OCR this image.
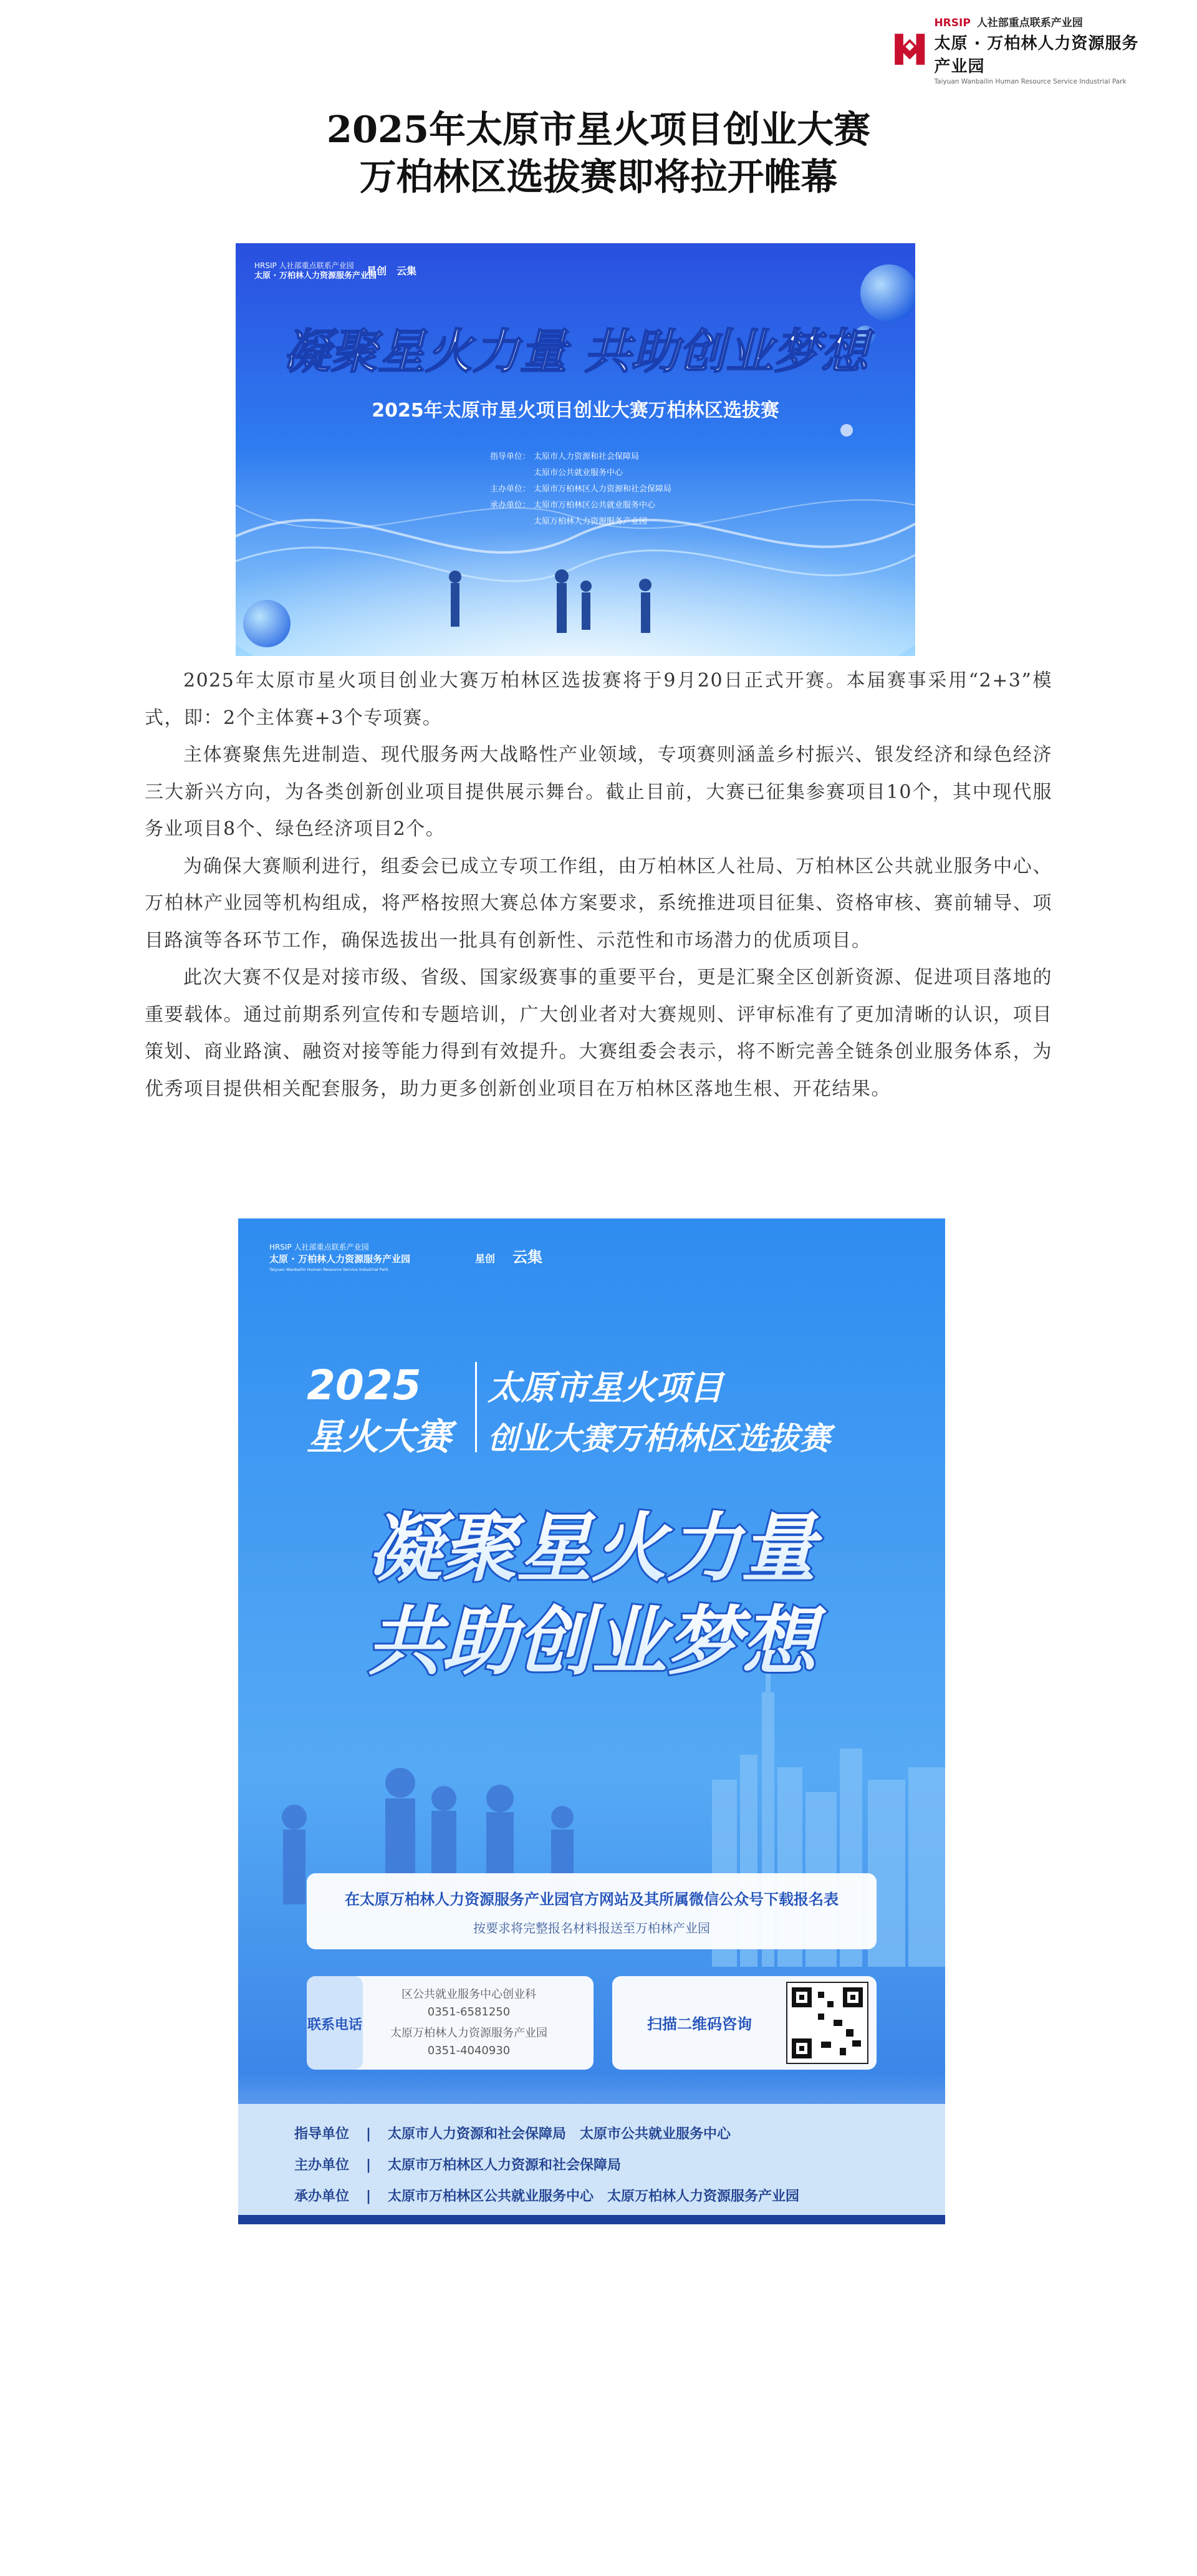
HRSIP 人社部重点联系产业园
太原 · 万柏林人力资源服务产业园
Taiyuan Wanbailin Human Resource Service Industrial Park
2025年太原市星火项目创业大赛
万柏林区选拔赛即将拉开帷幕
HRSIP 人社部重点联系产业园
太原 · 万柏林人力资源服务产业园
星创 云集
凝聚星火力量 共助创业梦想
2025年太原市星火项目创业大赛万柏林区选拔赛
指导单位： 太原市人力资源和社会保障局
太原市公共就业服务中心
主办单位： 太原市万柏林区人力资源和社会保障局
承办单位： 太原市万柏林区公共就业服务中心
太原万柏林人力资源服务产业园

2025年太原市星火项目创业大赛万柏林区选拔赛将于9月20日正式开赛。本届赛事采用“2+3”模式，即：2个主体赛+3个专项赛。

主体赛聚焦先进制造、现代服务两大战略性产业领域，专项赛则涵盖乡村振兴、银发经济和绿色经济三大新兴方向，为各类创新创业项目提供展示舞台。截止目前，大赛已征集参赛项目10个，其中现代服务业项目8个、绿色经济项目2个。

为确保大赛顺利进行，组委会已成立专项工作组，由万柏林区人社局、万柏林区公共就业服务中心、万柏林产业园等机构组成，将严格按照大赛总体方案要求，系统推进项目征集、资格审核、赛前辅导、项目路演等各环节工作，确保选拔出一批具有创新性、示范性和市场潜力的优质项目。

此次大赛不仅是对接市级、省级、国家级赛事的重要平台，更是汇聚全区创新资源、促进项目落地的重要载体。通过前期系列宣传和专题培训，广大创业者对大赛规则、评审标准有了更加清晰的认识，项目策划、商业路演、融资对接等能力得到有效提升。大赛组委会表示，将不断完善全链条创业服务体系，为优秀项目提供相关配套服务，助力更多创新创业项目在万柏林区落地生根、开花结果。

HRSIP 人社部重点联系产业园
太原 · 万柏林人力资源服务产业园
Taiyuan Wanbailin Human Resource Service Industrial Park
星创 云集
2025
星火大赛
太原市星火项目
创业大赛万柏林区选拔赛
凝聚星火力量
共助创业梦想
在太原万柏林人力资源服务产业园官方网站及其所属微信公众号下载报名表
按要求将完整报名材料报送至万柏林产业园
联系电话
区公共就业服务中心创业科
0351-6581250
太原万柏林人力资源服务产业园
0351-4040930
扫描二维码咨询
指导单位 | 太原市人力资源和社会保障局　太原市公共就业服务中心
主办单位 | 太原市万柏林区人力资源和社会保障局
承办单位 | 太原市万柏林区公共就业服务中心　太原万柏林人力资源服务产业园
